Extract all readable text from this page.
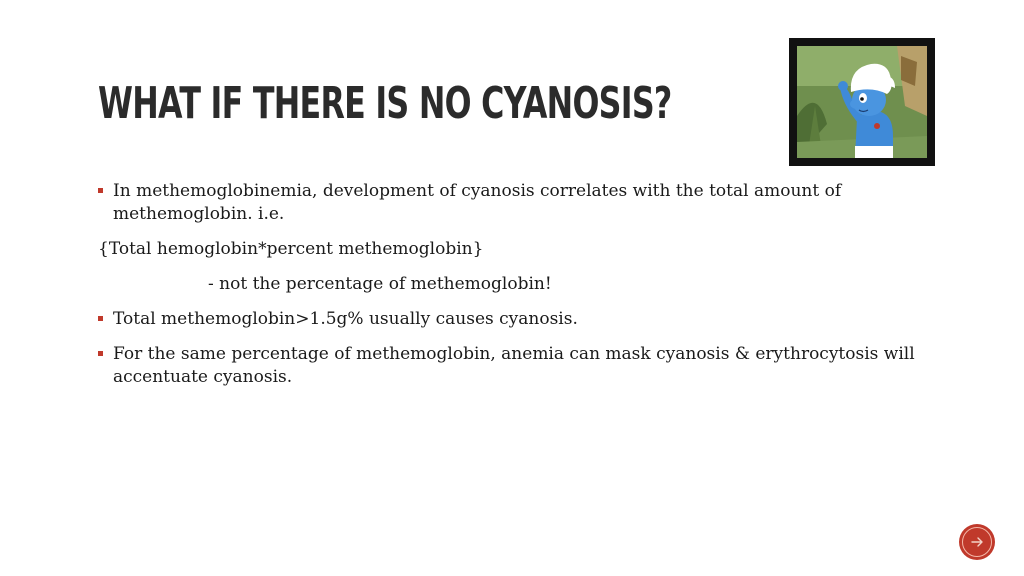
WHAT IF THERE IS NO CYANOSIS?
In methemoglobinemia, development of cyanosis correlates with the total amount of methemoglobin. i.e.
{Total hemoglobin*percent methemoglobin}
- not the percentage of methemoglobin!
Total methemoglobin>1.5g% usually causes cyanosis.
For the same percentage of methemoglobin, anemia can mask cyanosis & erythrocytosis will accentuate cyanosis.
